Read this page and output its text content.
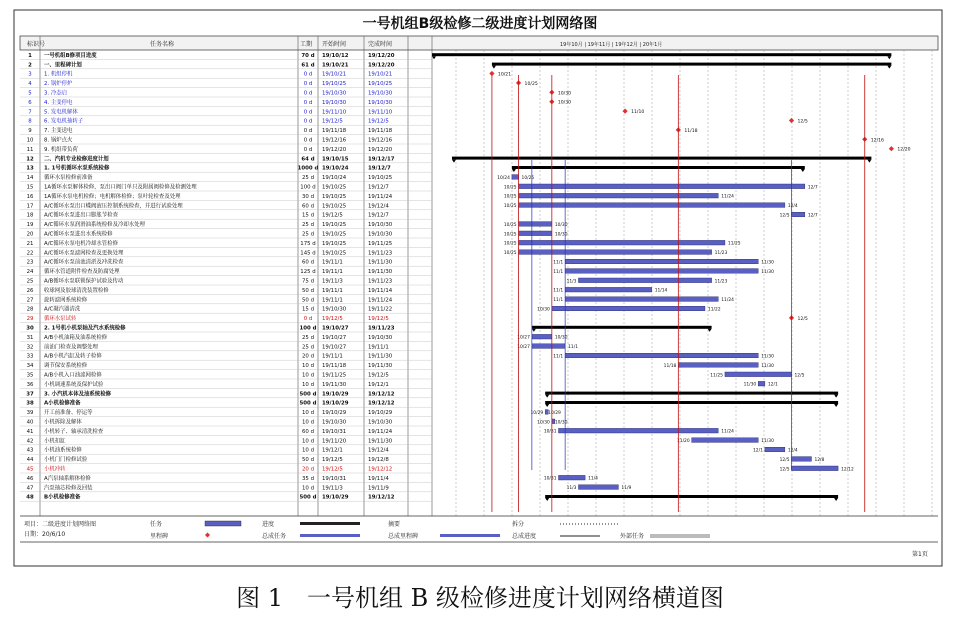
一号机组B级检修二级进度计划网络图
标识号	任务名称	工期 开始时间	完成时间	19年10月 | 19年11月 | 19年12月 | 20年1月
1 一号机组B修项目进度	70 d 19/10/12	19/12/20
2 一、里程碑计划	61 d 19/10/21	19/12/20
3 1. 机组停机	0 d 19/10/21	19/10/21
4 2. 锅炉停炉	0 d 19/10/25	19/10/25
5 3. 冷态启	0 d 19/10/30	19/10/30
6 4. 主变停电	0 d 19/10/30	19/10/30
7 5. 发电机解体	0 d 19/11/10	19/11/10
8 6. 发电机抽转子	0 d 19/12/5	19/12/5
9 7. 主变送电	0 d 19/11/18	19/11/18
10 8. 锅炉点火	0 d 19/12/16	19/12/16
11 9. 机组带负荷	0 d 19/12/20	19/12/20
12 二、汽机专业检修进度计划	64 d 19/10/15	19/12/17
13 1. 1号机循环水泵系统检修	1000 d 19/10/24	19/12/7
14 循环水泵检修前准备	25 d 19/10/24	19/10/25
15 1A循环水泵解体检修，泵出口阀门单只及附属阀检修及检测处理	100 d 19/10/25	19/12/7
16 1A循环水泵电机检修；电机解体检修；泵叶轮检查及处理	30 d 19/10/25	19/11/24
17 A/C循环水泵出口蝶阀液压控制系统检查，并进行试验处理	60 d 19/10/25	19/12/4
18 A/C循环水泵进出口膨胀节检查	15 d 19/12/5	19/12/7
19 A/C循环水泵润滑油系统检修及冷却水处理	25 d 19/10/25	19/10/30
20 A/C循环水泵进出水系统检修	25 d 19/10/25	19/10/30
21 A/C循环水泵电机冷却水管检修	175 d 19/10/25	19/11/25
22 A/C循环水泵滤网检查及更换处理	145 d 19/10/25	19/11/23
23 A/C循环水泵前池清淤及冲洗检查	60 d 19/11/1	19/11/30
24 循环水管道附件检查及防腐处理	125 d 19/11/1	19/11/30
25 A/B循环水泵联锁保护试验及传动	75 d 19/11/3	19/11/23
26 收球网及胶球清洗装置检修	50 d 19/11/1	19/11/14
27 旋转滤网系统检修	50 d 19/11/1	19/11/24
28 A/C凝汽器清洗	15 d 19/10/30	19/11/22
29 循环水泵试转	0 d 19/12/5	19/12/5
30 2. 1号机小机泵轴及汽水系统检修	100 d 19/10/27	19/11/23
31 A/B小机油箱及油系统检修	25 d 19/10/27	19/10/30
32 前油门检查及调整处理	25 d 19/10/27	19/11/1
33 A/B小机汽缸及转子检修	20 d 19/11/1	19/11/30
34 调节保安系统检修	10 d 19/11/18	19/11/30
35 A/B小机入口油滤网检修	10 d 19/11/25	19/12/5
36 小机调速系统及保护试验	10 d 19/11/30	19/12/1
37 3. 小汽机本体及油系统检修	500 d 19/10/29	19/12/12
38 A小机检修准备	500 d 19/10/29	19/12/12
39 开工前准备、停运等	10 d 19/10/29	19/10/29
40 小机拆除及解体	10 d 19/10/30	19/10/30
41 小机转子、轴承清洗检查	60 d 19/10/31	19/11/24
42 小机扣缸	10 d 19/11/20	19/11/30
43 小机油系统检修	10 d 19/12/1	19/12/4
44 小机门门检修试验	50 d 19/12/5	19/12/8
45 小机冲转	20 d 19/12/5	19/12/12
46 A汽泵轴系解体检修	35 d 19/10/31	19/11/4
47 汽泵抽芯检修及回装	10 d 19/11/3	19/11/9
48 B小机检修准备	500 d 19/10/29	19/12/12
10/21
10/25
10/30
10/30
11/10
12/5
11/18
12/16
12/20
10/24	10/25
10/25	12/7
10/25	11/24
10/25	12/4
12/5	12/7
10/25	10/30
10/25	10/30
10/25	11/25
10/25	11/23
11/1	11/30
11/1	11/30
11/3	11/23
11/1	11/14
11/1	11/24
10/30	11/22
12/5
10/27	10/30
10/27	11/1
11/1	11/30
11/18	11/30
11/25	12/5
11/30	12/1
10/29 10/29
10/30 10/30
10/31	11/24
11/20	11/30
12/1	12/4
12/5	12/8
12/5	12/12
10/31	11/4
11/3	11/9
项目：二级进度计划网络图
日期：20/6/10
任务	进度	摘要	拆分
里程碑	总成任务	总成里程碑	总成进度	外部任务
第1页
图 1　一号机组 B 级检修进度计划网络横道图
